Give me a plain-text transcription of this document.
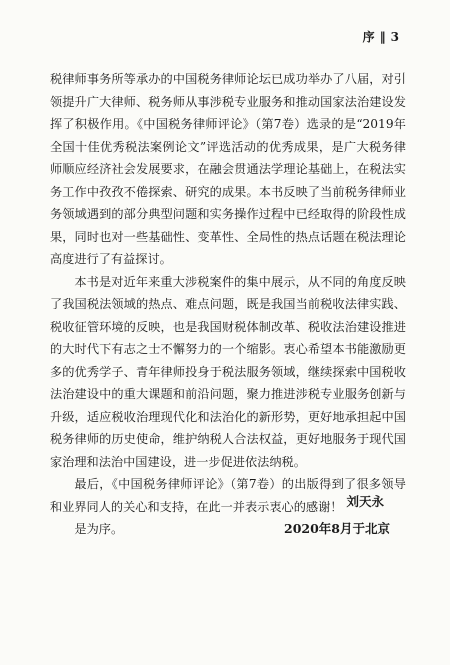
序 ‖ 3

税律师事务所等承办的中国税务律师论坛已成功举办了八届，对引领提升广大律师、税务师从事涉税专业服务和推动国家法治建设发挥了积极作用。《中国税务律师评论》（第7卷）选录的是“2019年全国十佳优秀税法案例论文”评选活动的优秀成果，是广大税务律师顺应经济社会发展要求，在融会贯通法学理论基础上，在税法实务工作中孜孜不倦探索、研究的成果。本书反映了当前税务律师业务领域遇到的部分典型问题和实务操作过程中已经取得的阶段性成果，同时也对一些基础性、变革性、全局性的热点话题在税法理论高度进行了有益探讨。

本书是对近年来重大涉税案件的集中展示，从不同的角度反映了我国税法领域的热点、难点问题，既是我国当前税收法律实践、税收征管环境的反映，也是我国财税体制改革、税收法治建设推进的大时代下有志之士不懈努力的一个缩影。衷心希望本书能激励更多的优秀学子、青年律师投身于税法服务领域，继续探索中国税收法治建设中的重大课题和前沿问题，聚力推进涉税专业服务创新与升级，适应税收治理现代化和法治化的新形势，更好地承担起中国税务律师的历史使命，维护纳税人合法权益，更好地服务于现代国家治理和法治中国建设，进一步促进依法纳税。

最后，《中国税务律师评论》（第7卷）的出版得到了很多领导和业界同人的关心和支持，在此一并表示衷心的感谢！

是为序。

刘天永
2020年8月于北京
